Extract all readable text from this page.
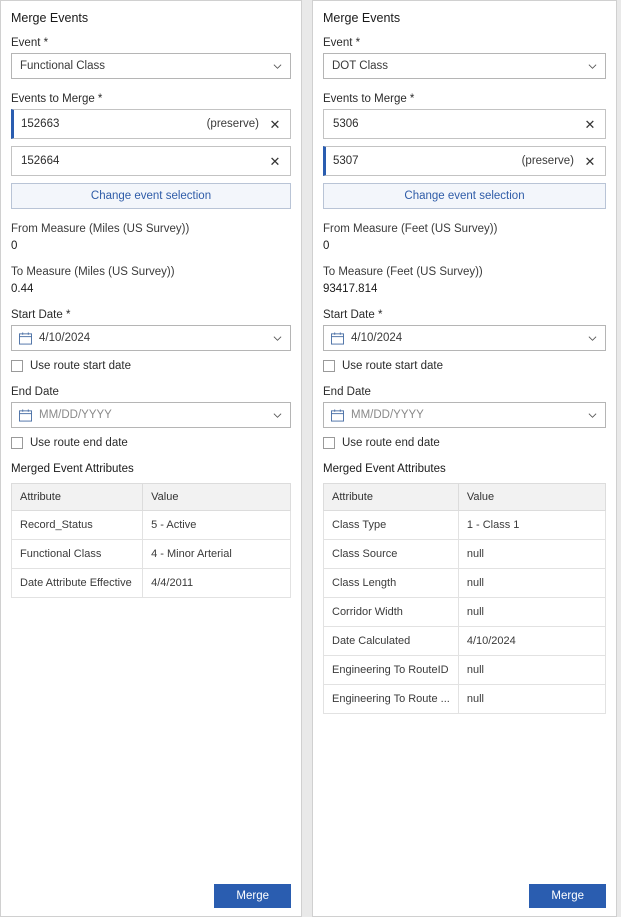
Merge Events
Event *
Functional Class
Events to Merge *
152663	(preserve) ✕
152664	✕
Change event selection
From Measure (Miles (US Survey))
0
To Measure (Miles (US Survey))
0.44
Start Date *
4/10/2024
Use route start date
End Date
MM/DD/YYYY
Use route end date
Merged Event Attributes
Attribute	Value
Record_Status	5 - Active
Functional Class	4 - Minor Arterial
Date Attribute Effective	4/4/2011
Merge
Merge Events
Event *
DOT Class
Events to Merge *
5306	✕
5307	(preserve) ✕
Change event selection
From Measure (Feet (US Survey))
0
To Measure (Feet (US Survey))
93417.814
Start Date *
4/10/2024
Use route start date
End Date
MM/DD/YYYY
Use route end date
Merged Event Attributes
Attribute	Value
Class Type	1 - Class 1
Class Source	null
Class Length	null
Corridor Width	null
Date Calculated	4/10/2024
Engineering To RouteID	null
Engineering To Route ...	null
Merge
